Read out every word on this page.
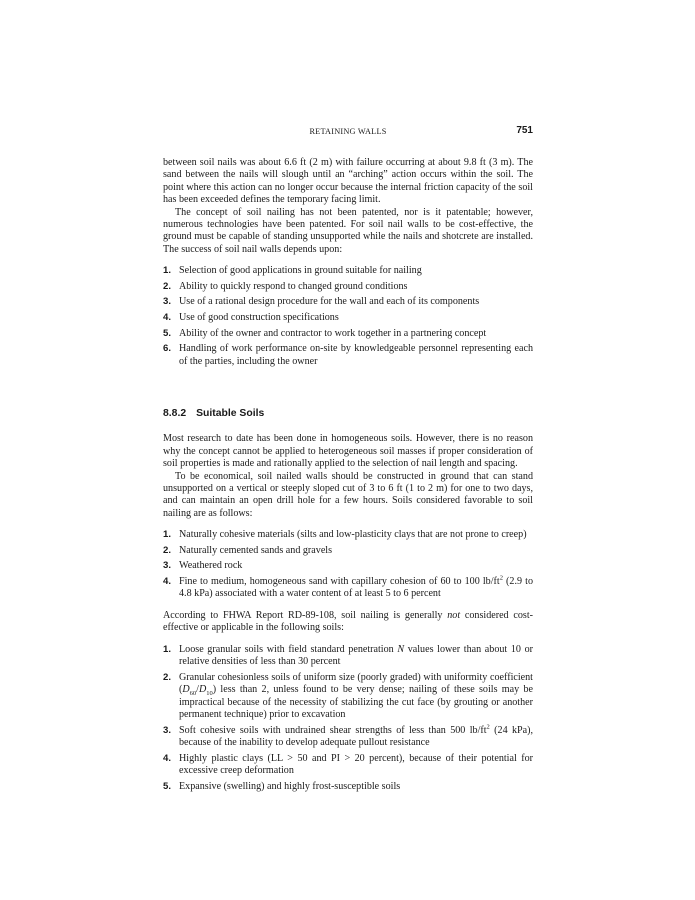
RETAINING WALLS	751

between soil nails was about 6.6 ft (2 m) with failure occurring at about 9.8 ft (3 m). The sand between the nails will slough until an “arching” action occurs within the soil. The point where this action can no longer occur because the internal friction capacity of the soil has been exceeded defines the temporary facing limit.

The concept of soil nailing has not been patented, nor is it patentable; however, numerous technologies have been patented. For soil nail walls to be cost-effective, the ground must be capable of standing unsupported while the nails and shotcrete are installed. The success of soil nail walls depends upon:

1. Selection of good applications in ground suitable for nailing
2. Ability to quickly respond to changed ground conditions
3. Use of a rational design procedure for the wall and each of its components
4. Use of good construction specifications
5. Ability of the owner and contractor to work together in a partnering concept
6. Handling of work performance on-site by knowledgeable personnel representing each of the parties, including the owner
8.8.2 Suitable Soils

Most research to date has been done in homogeneous soils. However, there is no reason why the concept cannot be applied to heterogeneous soil masses if proper consideration of soil properties is made and rationally applied to the selection of nail length and spacing.

To be economical, soil nailed walls should be constructed in ground that can stand unsupported on a vertical or steeply sloped cut of 3 to 6 ft (1 to 2 m) for one to two days, and can maintain an open drill hole for a few hours. Soils considered favorable to soil nailing are as follows:

1. Naturally cohesive materials (silts and low-plasticity clays that are not prone to creep)
2. Naturally cemented sands and gravels
3. Weathered rock
4. Fine to medium, homogeneous sand with capillary cohesion of 60 to 100 $lb/ft^2$ (2.9 to 4.8 kPa) associated with a water content of at least 5 to 6 percent

According to FHWA Report RD-89-108, soil nailing is generally not considered cost-effective or applicable in the following soils:

1. Loose granular soils with field standard penetration N values lower than about 10 or relative densities of less than 30 percent
2. Granular cohesionless soils of uniform size (poorly graded) with uniformity coefficient $(D_{60}/D_{10})$ less than 2, unless found to be very dense; nailing of these soils may be impractical because of the necessity of stabilizing the cut face (by grouting or another permanent technique) prior to excavation
3. Soft cohesive soils with undrained shear strengths of less than 500 $lb/ft^2$ (24 kPa), because of the inability to develop adequate pullout resistance
4. Highly plastic clays (LL > 50 and PI > 20 percent), because of their potential for excessive creep deformation
5. Expansive (swelling) and highly frost-susceptible soils
